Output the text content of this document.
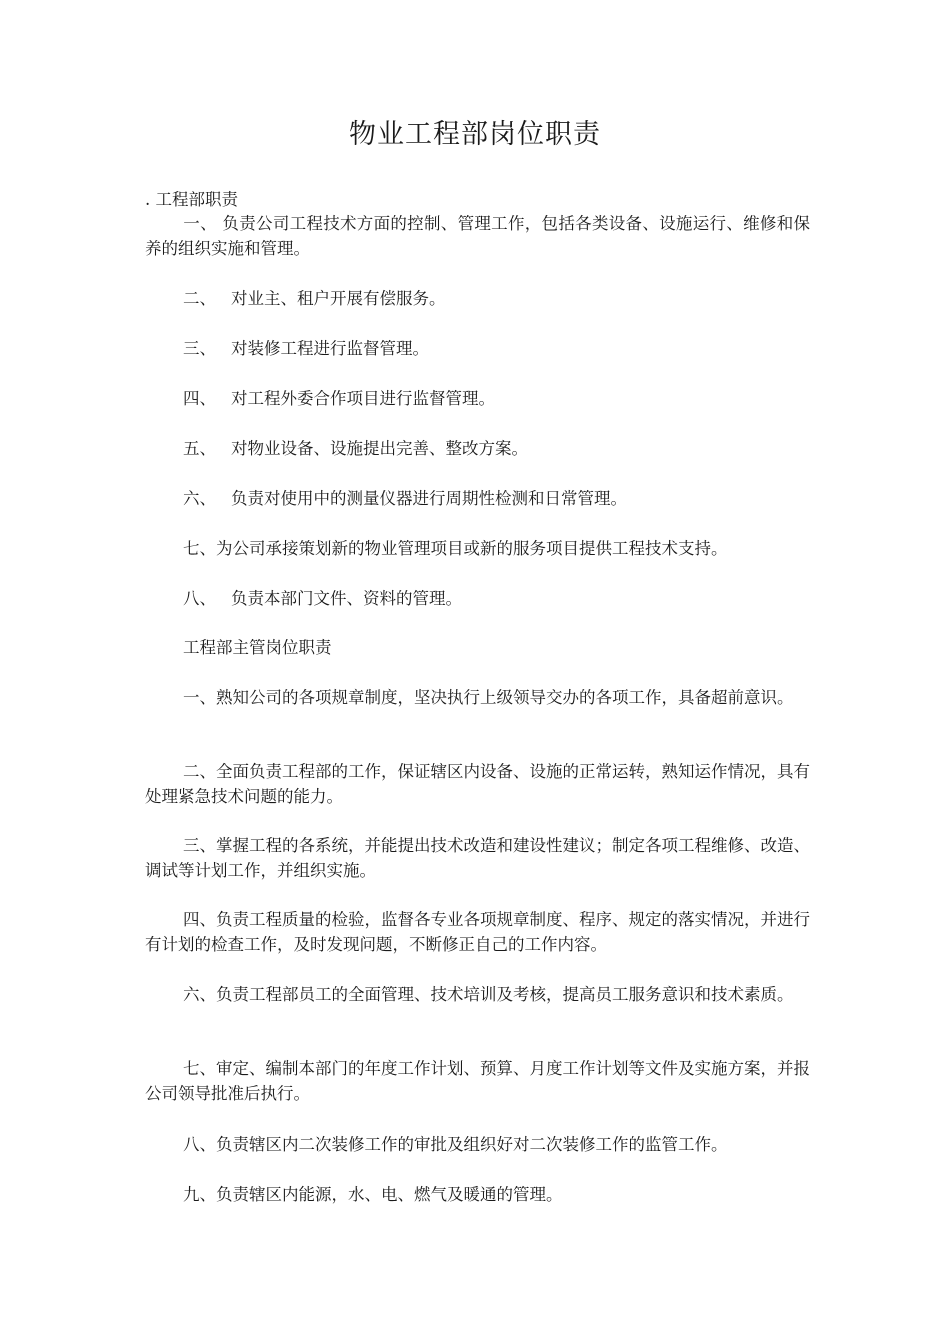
物业工程部岗位职责
. 工程部职责
一、 负责公司工程技术方面的控制、管理工作，包括各类设备、设施运行、维修和保养的组织实施和管理。
二、 对业主、租户开展有偿服务。
三、 对装修工程进行监督管理。
四、 对工程外委合作项目进行监督管理。
五、 对物业设备、设施提出完善、整改方案。
六、 负责对使用中的测量仪器进行周期性检测和日常管理。
七、为公司承接策划新的物业管理项目或新的服务项目提供工程技术支持。
八、 负责本部门文件、资料的管理。
工程部主管岗位职责
一、熟知公司的各项规章制度，坚决执行上级领导交办的各项工作，具备超前意识。
二、全面负责工程部的工作，保证辖区内设备、设施的正常运转，熟知运作情况，具有处理紧急技术问题的能力。
三、掌握工程的各系统，并能提出技术改造和建设性建议；制定各项工程维修、改造、调试等计划工作，并组织实施。
四、负责工程质量的检验，监督各专业各项规章制度、程序、规定的落实情况，并进行有计划的检查工作，及时发现问题，不断修正自己的工作内容。
六、负责工程部员工的全面管理、技术培训及考核，提高员工服务意识和技术素质。
七、审定、编制本部门的年度工作计划、预算、月度工作计划等文件及实施方案，并报公司领导批准后执行。
八、负责辖区内二次装修工作的审批及组织好对二次装修工作的监管工作。
九、负责辖区内能源，水、电、燃气及暖通的管理。
